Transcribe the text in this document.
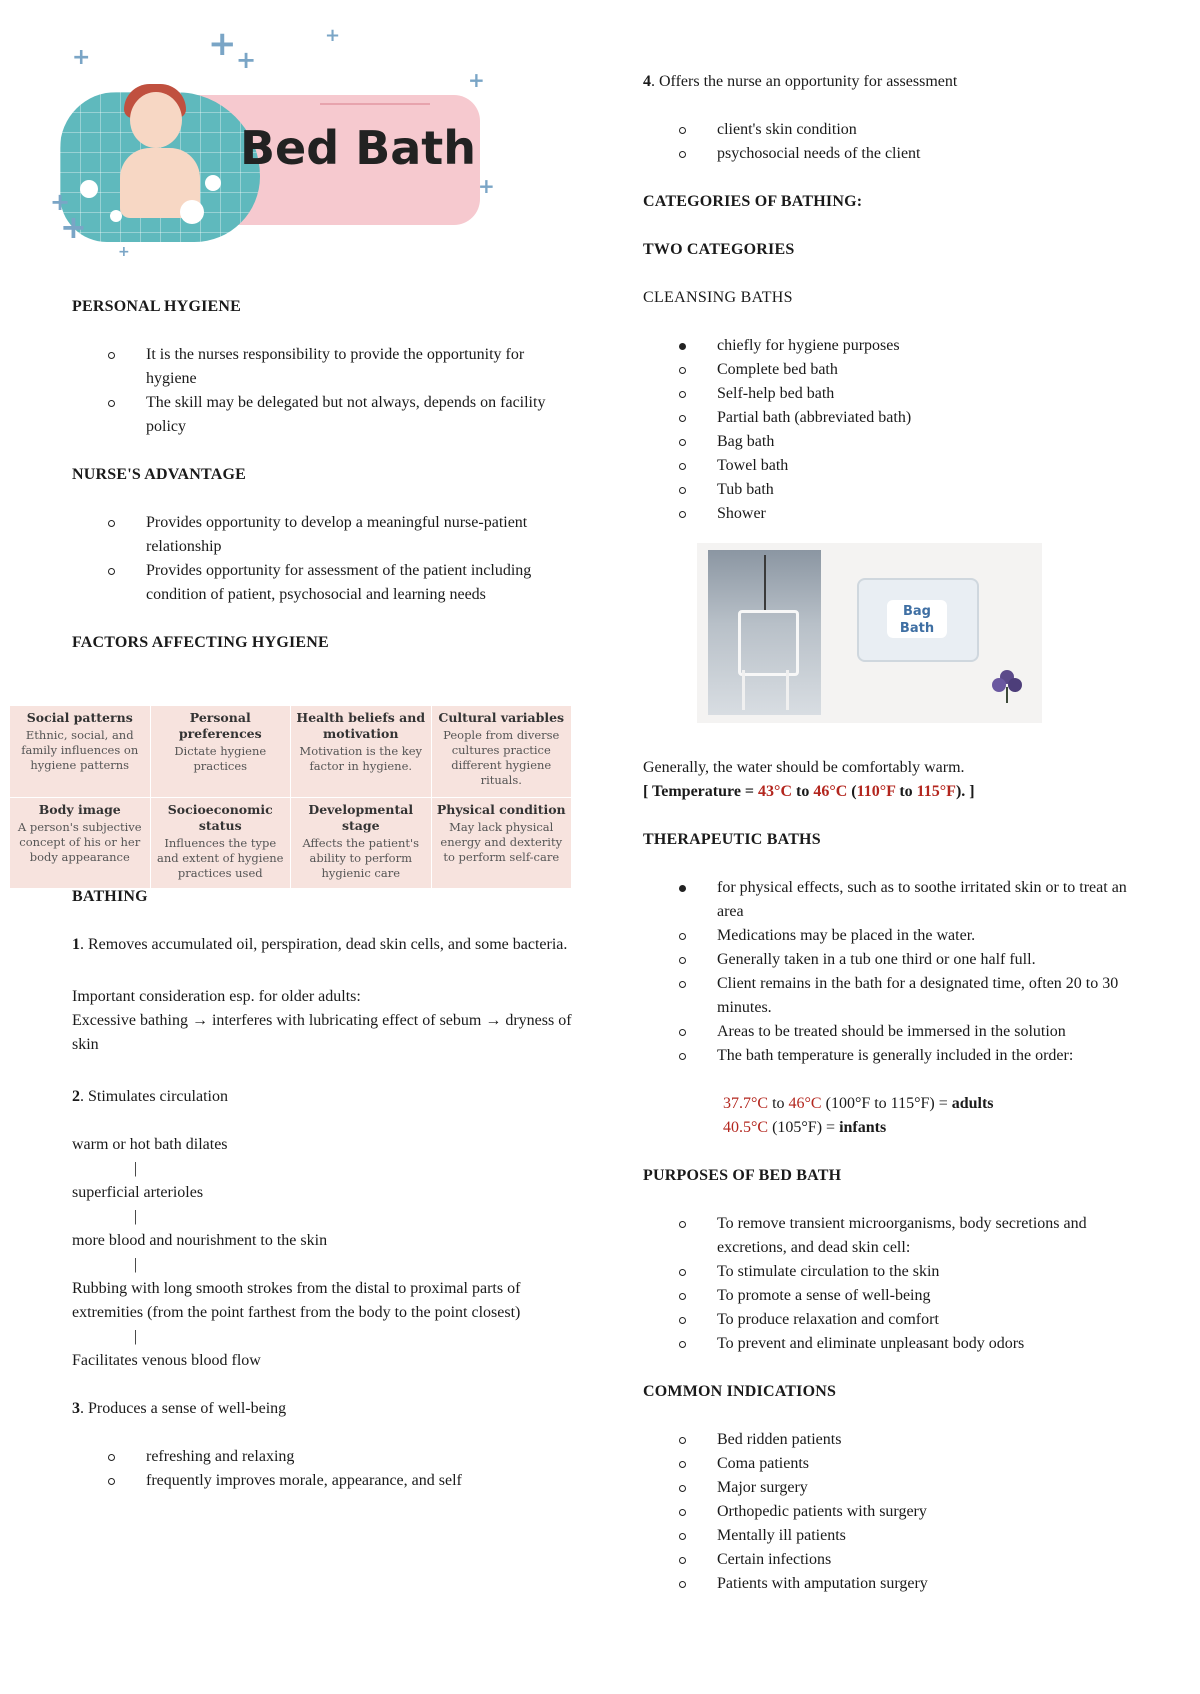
Bed Bath
+	+ +
+
+
+
+
+
+
Social patterns
Ethnic, social, and family influences on hygiene patterns
Personal preferences
Dictate hygiene practices
Health beliefs and motivation
Motivation is the key factor in hygiene.
Cultural variables
People from diverse cultures practice different hygiene rituals.
Body image
A person's subjective concept of his or her body appearance
Socioeconomic status
Influences the type and extent of hygiene practices used
Developmental stage
Affects the patient's ability to perform hygienic care
Physical condition
May lack physical energy and dexterity to perform self-care

PERSONAL HYGIENE

It is the nurses responsibility to provide the opportunity for hygiene
The skill may be delegated but not always, depends on facility policy

NURSE'S ADVANTAGE

Provides opportunity to develop a meaningful nurse-patient relationship
Provides opportunity for assessment of the patient including condition of patient, psychosocial and learning needs

FACTORS AFFECTING HYGIENE

BATHING

1. Removes accumulated oil, perspiration, dead skin cells, and some bacteria.

Important consideration esp. for older adults:

Excessive bathing → interferes with lubricating effect of sebum → dryness of skin

2. Stimulates circulation

warm or hot bath dilates

|

superficial arterioles

|

more blood and nourishment to the skin

|

Rubbing with long smooth strokes from the distal to proximal parts of extremities (from the point farthest from the body to the point closest)

|

Facilitates venous blood flow

3. Produces a sense of well-being

refreshing and relaxing
frequently improves morale, appearance, and self
Bag Bath

4. Offers the nurse an opportunity for assessment

client's skin condition
psychosocial needs of the client

CATEGORIES OF BATHING:

TWO CATEGORIES

CLEANSING BATHS

chiefly for hygiene purposes
Complete bed bath
Self-help bed bath
Partial bath (abbreviated bath)
Bag bath
Towel bath
Tub bath
Shower

Generally, the water should be comfortably warm.

[ Temperature = 43°C to 46°C (110°F to 115°F). ]

THERAPEUTIC BATHS

for physical effects, such as to soothe irritated skin or to treat an area
Medications may be placed in the water.
Generally taken in a tub one third or one half full.
Client remains in the bath for a designated time, often 20 to 30 minutes.
Areas to be treated should be immersed in the solution
The bath temperature is generally included in the order:

37.7°C to 46°C (100°F to 115°F) = adults

40.5°C (105°F) = infants

PURPOSES OF BED BATH

To remove transient microorganisms, body secretions and excretions, and dead skin cell:
To stimulate circulation to the skin
To promote a sense of well-being
To produce relaxation and comfort
To prevent and eliminate unpleasant body odors

COMMON INDICATIONS

Bed ridden patients
Coma patients
Major surgery
Orthopedic patients with surgery
Mentally ill patients
Certain infections
Patients with amputation surgery
